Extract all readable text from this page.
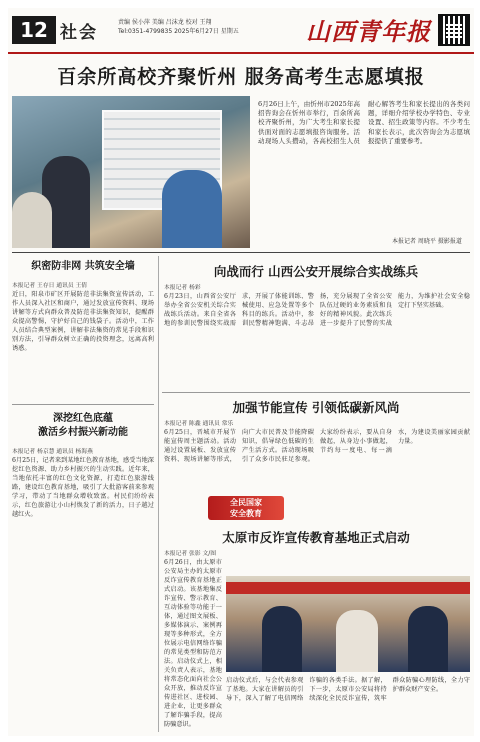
12 社会
责编 侯小萍 美编 吕沫龙 校对 王翔
Tel:0351-4799835 2025年6月27日 星期五	山西青年报
百余所高校齐聚忻州 服务高考生志愿填报
6月26日上午，由忻州市2025年高招咨询会在忻州市举行，百余所高校齐聚忻州，为广大考生和家长提供面对面的志愿填报咨询服务。活动现场人头攒动，各高校招生人员耐心解答考生和家长提出的各类问题，详细介绍学校办学特色、专业设置、招生政策等内容。不少考生和家长表示，此次咨询会为志愿填报提供了重要参考。
本报记者 周晓平 摄影报道
织密防非网 共筑安全墙
本报记者 王存日 通讯员 王倩
近日，阳泉市矿区开展防范非法集资宣传活动，工作人员深入社区和商户，通过发放宣传资料、现场讲解等方式向群众普及防范非法集资知识，提醒群众提高警惕，守护好自己的钱袋子。活动中，工作人员结合典型案例，讲解非法集资的常见手段和识别方法，引导群众树立正确的投资理念，远离高利诱惑。
深挖红色底蕴
激活乡村振兴新动能
本报记者 杨京慧 通讯员 杨海燕
6月25日，记者来到某地红色教育基地，感受当地深挖红色资源、助力乡村振兴的生动实践。近年来，当地依托丰富的红色文化资源，打造红色旅游线路，建设红色教育基地，吸引了大批游客前来参观学习，带动了当地群众增收致富。村民们纷纷表示，红色旅游让小山村焕发了新的活力，日子越过越红火。
向战而行 山西公安开展综合实战练兵
本报记者 杨彩
6月23日，山西省公安厅举办全省公安机关综合实战练兵活动。来自全省各地的参训民警围绕实战需求，开展了体能训练、警械使用、应急处置等多个科目的练兵。活动中，参训民警精神饱满、斗志昂扬，充分展现了全省公安队伍过硬的业务素质和良好的精神风貌。此次练兵进一步提升了民警的实战能力，为维护社会安全稳定打下坚实基础。
加强节能宣传 引领低碳新风尚
本报记者 陈鑫 通讯员 常乐
6月25日，晋城市开展节能宣传周主题活动。活动通过设置展板、发放宣传资料、现场讲解等形式，向广大市民普及节能降碳知识，倡导绿色低碳的生产生活方式。活动现场吸引了众多市民驻足参观。大家纷纷表示，要从自身做起，从身边小事做起，节约每一度电、每一滴水，为建设美丽家园贡献力量。
全民国家
安全教育
太原市反诈宣传教育基地正式启动
本报记者 张影 文/图
6月26日，由太原市公安局主办的太原市反诈宣传教育基地正式启动。该基地集反诈宣传、警示教育、互动体验等功能于一体，通过图文展板、多媒体演示、案例再现等多种形式，全方位展示电信网络诈骗的常见类型和防范方法。启动仪式上，相关负责人表示，基地将常态化面向社会公众开放，推动反诈宣传进社区、进校园、进企业，让更多群众了解诈骗手段，提高防骗意识。
启动仪式后，与会代表参观了基地。大家在讲解员的引导下，深入了解了电信网络诈骗的各类手法。据了解，下一步，太原市公安局将持续深化全民反诈宣传，筑牢群众防骗心理防线，全力守护群众财产安全。
